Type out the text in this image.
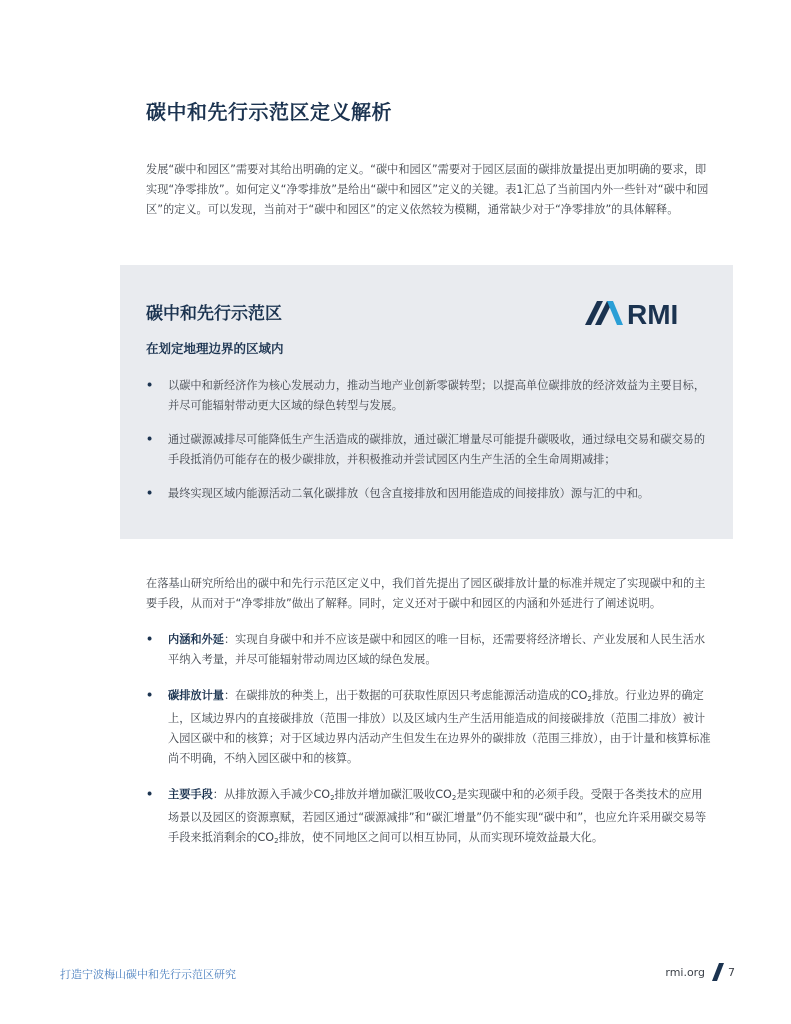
碳中和先行示范区定义解析
发展“碳中和园区”需要对其给出明确的定义。“碳中和园区”需要对于园区层面的碳排放量提出更加明确的要求，即实现“净零排放”。如何定义“净零排放”是给出“碳中和园区”定义的关键。表1汇总了当前国内外一些针对“碳中和园区”的定义。可以发现，当前对于“碳中和园区”的定义依然较为模糊，通常缺少对于“净零排放”的具体解释。
碳中和先行示范区	RMI
在划定地理边界的区域内
• 以碳中和新经济作为核心发展动力，推动当地产业创新零碳转型；以提高单位碳排放的经济效益为主要目标，并尽可能辐射带动更大区域的绿色转型与发展。
• 通过碳源减排尽可能降低生产生活造成的碳排放，通过碳汇增量尽可能提升碳吸收，通过绿电交易和碳交易的手段抵消仍可能存在的极少碳排放，并积极推动并尝试园区内生产生活的全生命周期减排；
• 最终实现区域内能源活动二氧化碳排放（包含直接排放和因用能造成的间接排放）源与汇的中和。
在落基山研究所给出的碳中和先行示范区定义中，我们首先提出了园区碳排放计量的标准并规定了实现碳中和的主要手段，从而对于“净零排放”做出了解释。同时，定义还对于碳中和园区的内涵和外延进行了阐述说明。
• 内涵和外延：实现自身碳中和并不应该是碳中和园区的唯一目标，还需要将经济增长、产业发展和人民生活水平纳入考量，并尽可能辐射带动周边区域的绿色发展。
• 碳排放计量：在碳排放的种类上，出于数据的可获取性原因只考虑能源活动造成的$CO_2$排放。行业边界的确定上，区域边界内的直接碳排放（范围一排放）以及区域内生产生活用能造成的间接碳排放（范围二排放）被计入园区碳中和的核算；对于区域边界内活动产生但发生在边界外的碳排放（范围三排放），由于计量和核算标准尚不明确，不纳入园区碳中和的核算。
• 主要手段：从排放源入手减少$CO_2$排放并增加碳汇吸收$CO_2$是实现碳中和的必须手段。受限于各类技术的应用场景以及园区的资源禀赋，若园区通过“碳源减排”和“碳汇增量”仍不能实现“碳中和”，也应允许采用碳交易等手段来抵消剩余的$CO_2$排放，使不同地区之间可以相互协同，从而实现环境效益最大化。
打造宁波梅山碳中和先行示范区研究	rmi.org 7
